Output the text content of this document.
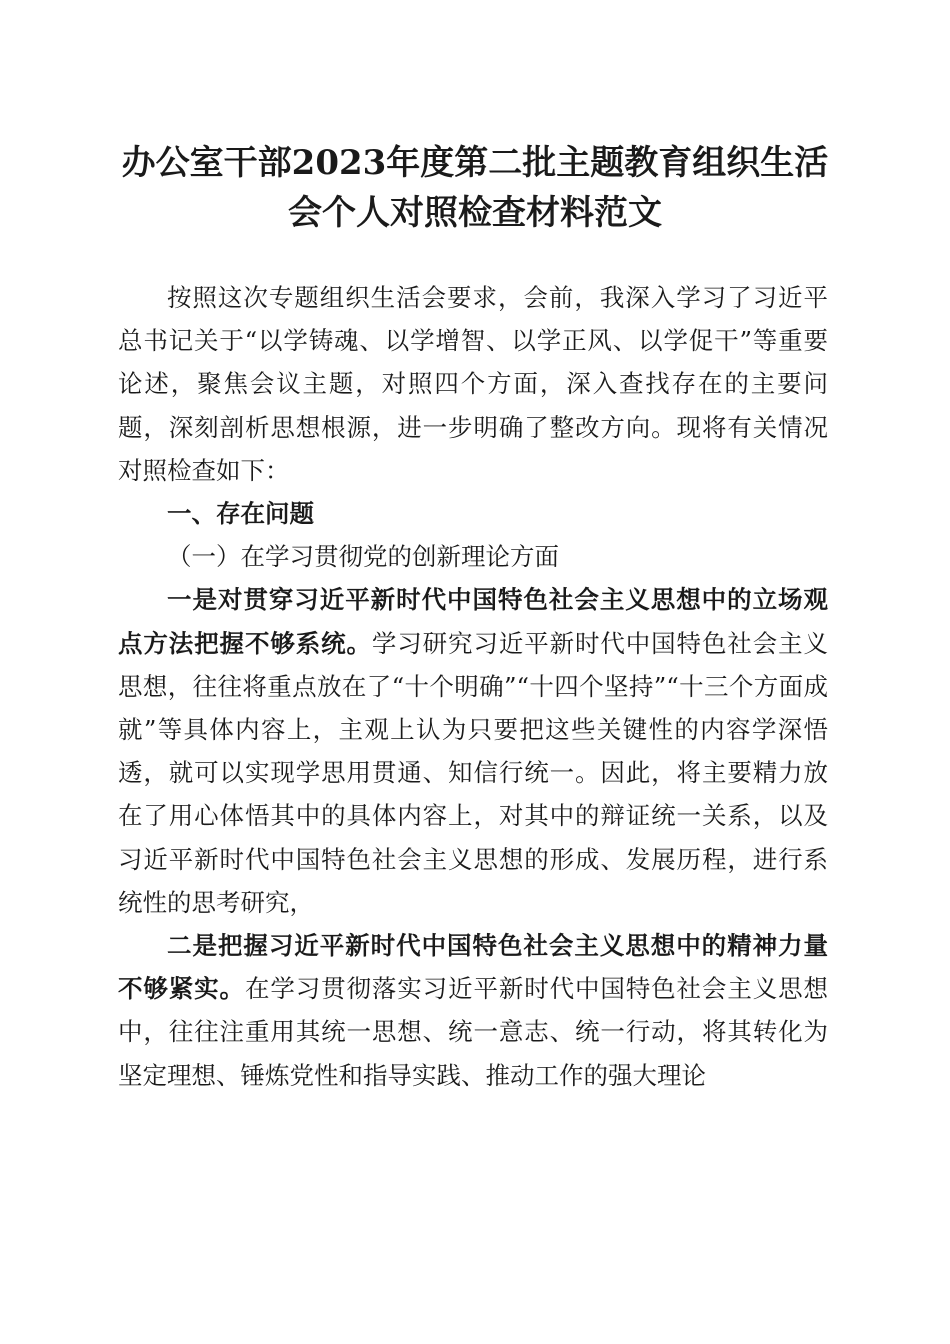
办公室干部2023年度第二批主题教育组织生活会个人对照检查材料范文

按照这次专题组织生活会要求，会前，我深入学习了习近平总书记关于“以学铸魂、以学增智、以学正风、以学促干”等重要论述，聚焦会议主题，对照四个方面，深入查找存在的主要问题，深刻剖析思想根源，进一步明确了整改方向。现将有关情况对照检查如下：

一、存在问题

（一）在学习贯彻党的创新理论方面

一是对贯穿习近平新时代中国特色社会主义思想中的立场观点方法把握不够系统。学习研究习近平新时代中国特色社会主义思想，往往将重点放在了“十个明确”“十四个坚持”“十三个方面成就”等具体内容上，主观上认为只要把这些关键性的内容学深悟透，就可以实现学思用贯通、知信行统一。因此，将主要精力放在了用心体悟其中的具体内容上，对其中的辩证统一关系，以及习近平新时代中国特色社会主义思想的形成、发展历程，进行系统性的思考研究，

二是把握习近平新时代中国特色社会主义思想中的精神力量不够紧实。在学习贯彻落实习近平新时代中国特色社会主义思想中，往往注重用其统一思想、统一意志、统一行动，将其转化为坚定理想、锤炼党性和指导实践、推动工作的强大理论
